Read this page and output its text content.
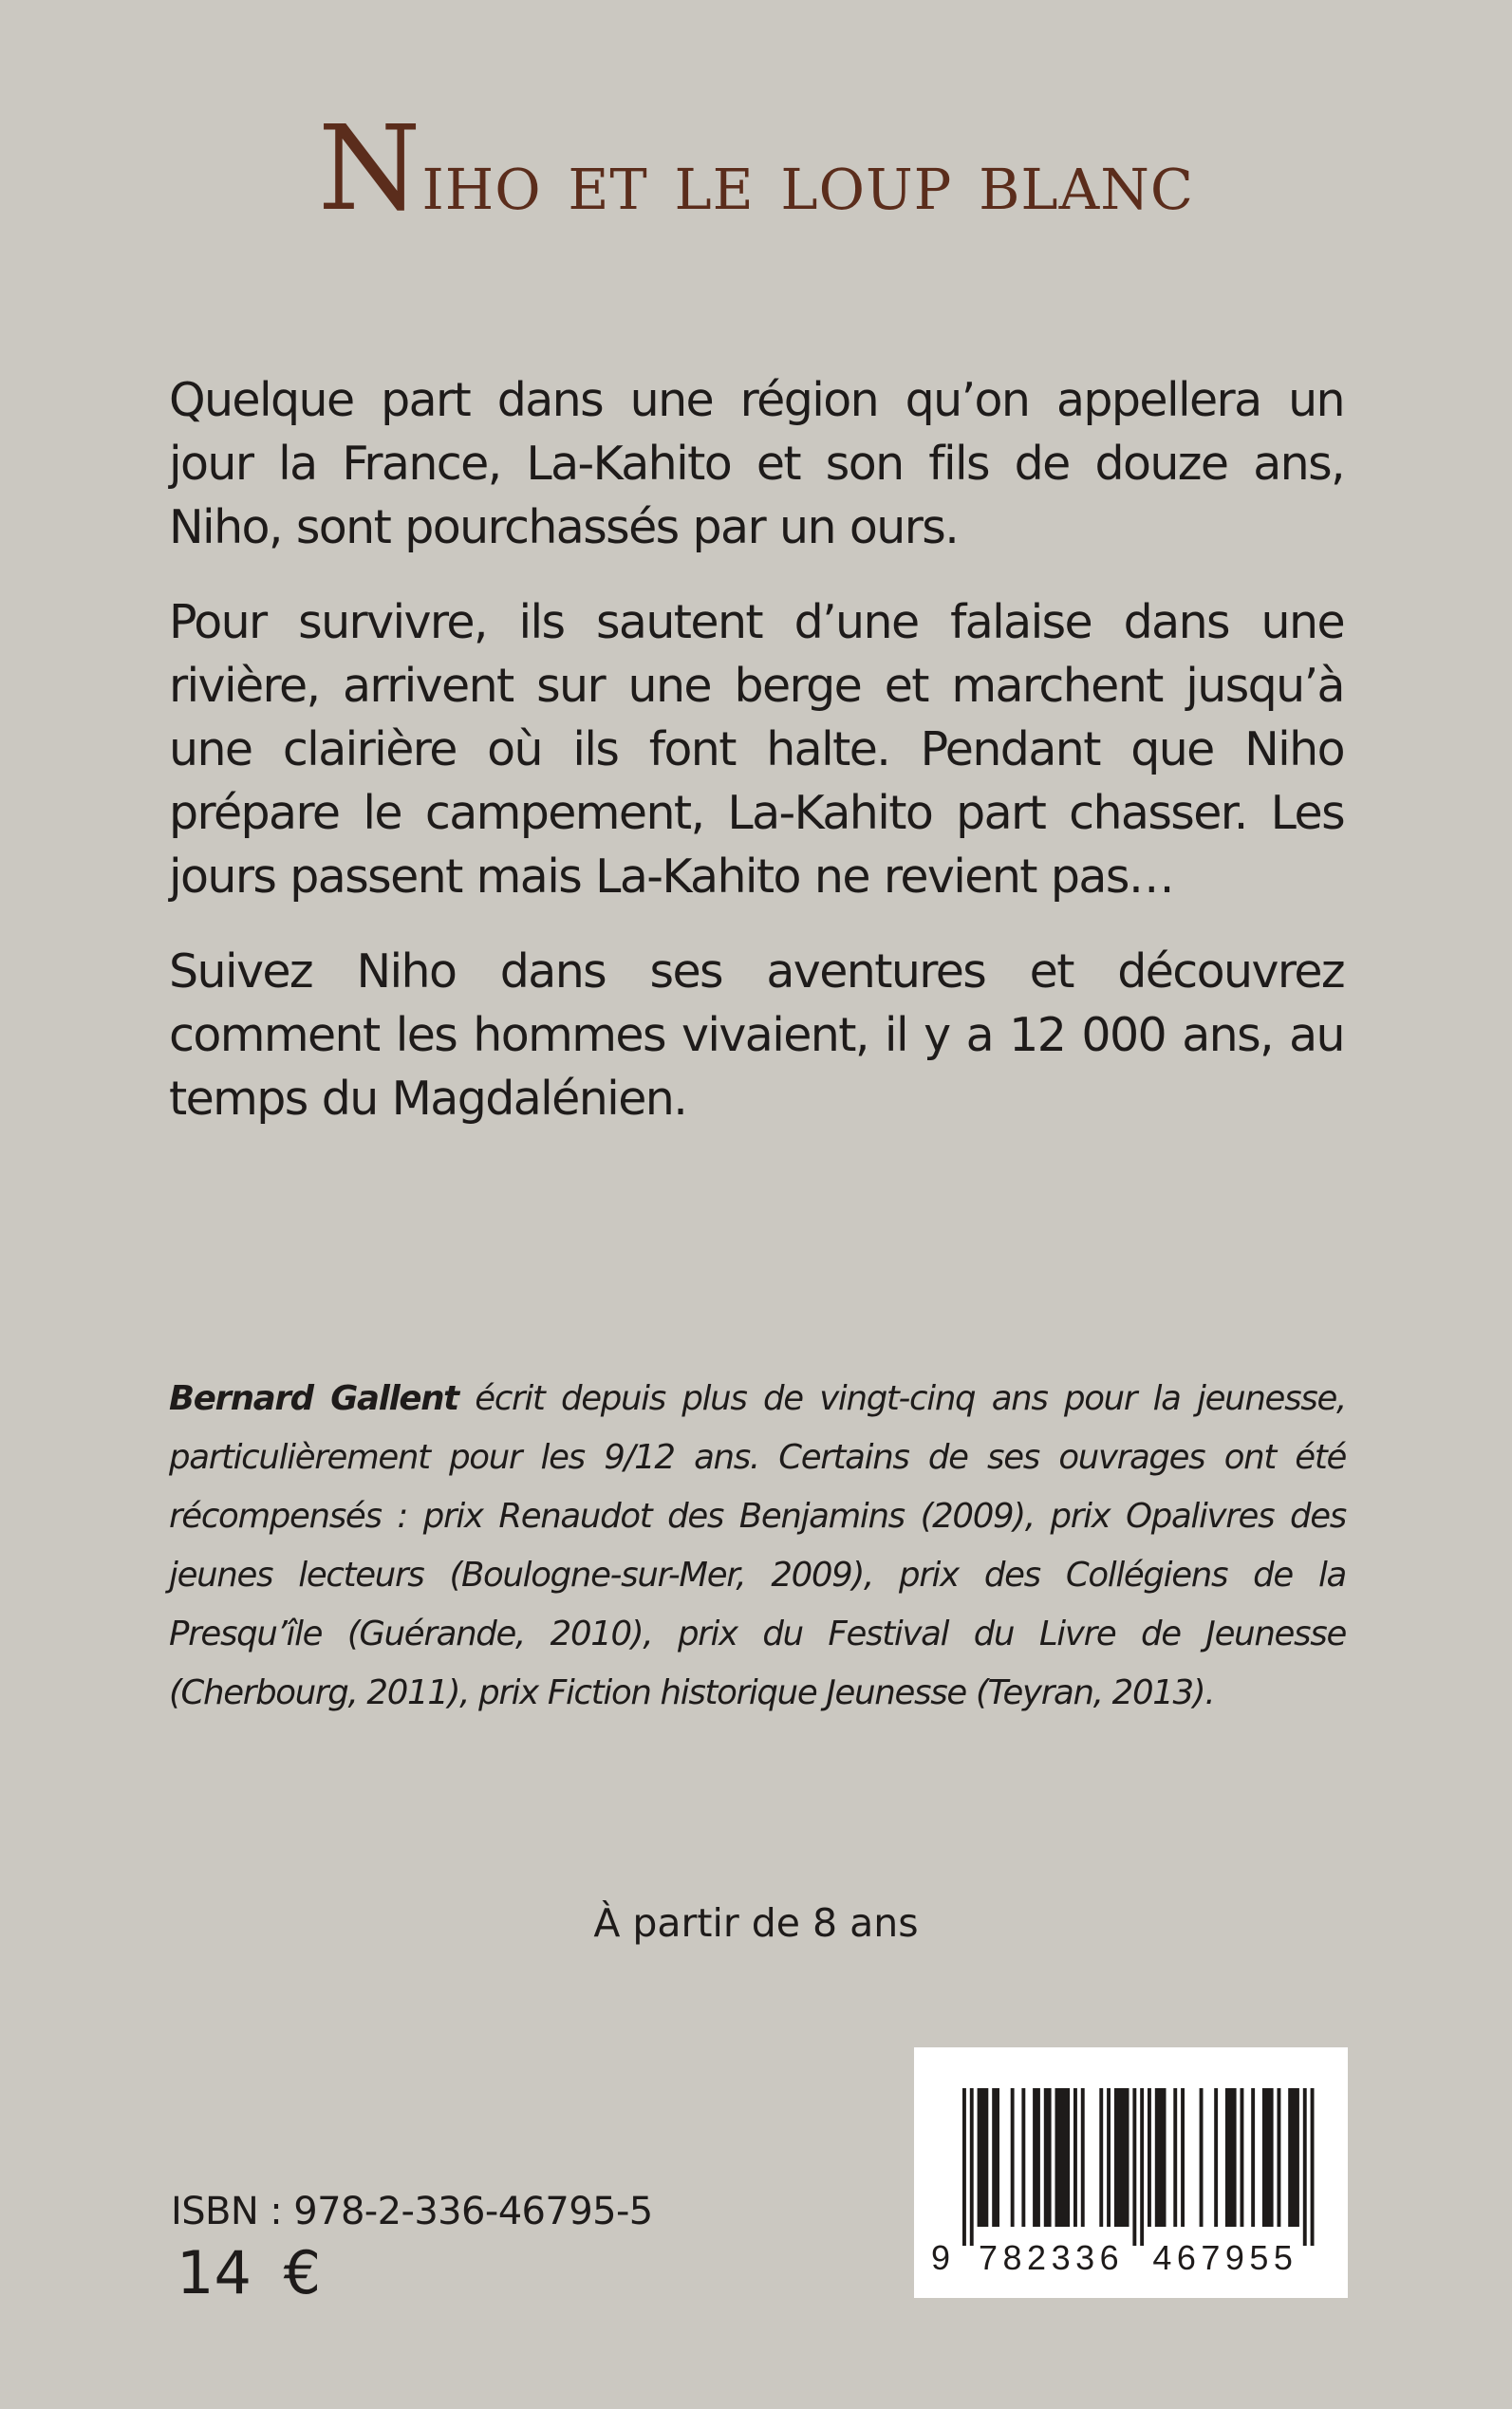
Niho et le loup blanc

Quelque part dans une région qu’on appellera un jour la France, La-Kahito et son fils de douze ans, Niho, sont pourchassés par un ours.

Pour survivre, ils sautent d’une falaise dans une rivière, arrivent sur une berge et marchent jusqu’à une clairière où ils font halte. Pendant que Niho prépare le campement, La-Kahito part chasser. Les jours passent mais La-Kahito ne revient pas…

Suivez Niho dans ses aventures et découvrez comment les hommes vivaient, il y a 12 000 ans, au temps du Magdalénien.

Bernard Gallent écrit depuis plus de vingt-cinq ans pour la jeunesse, particulièrement pour les 9/12 ans. Certains de ses ouvrages ont été récompensés : prix Renaudot des Benjamins (2009), prix Opalivres des jeunes lecteurs (Boulogne-sur-Mer, 2009), prix des Collégiens de la Presqu’île (Guérande, 2010), prix du Festival du Livre de Jeunesse (Cherbourg, 2011), prix Fiction historique Jeunesse (Teyran, 2013).

À partir de 8 ans
ISBN : 978-2-336-46795-5
14 €	9 782336 467955
